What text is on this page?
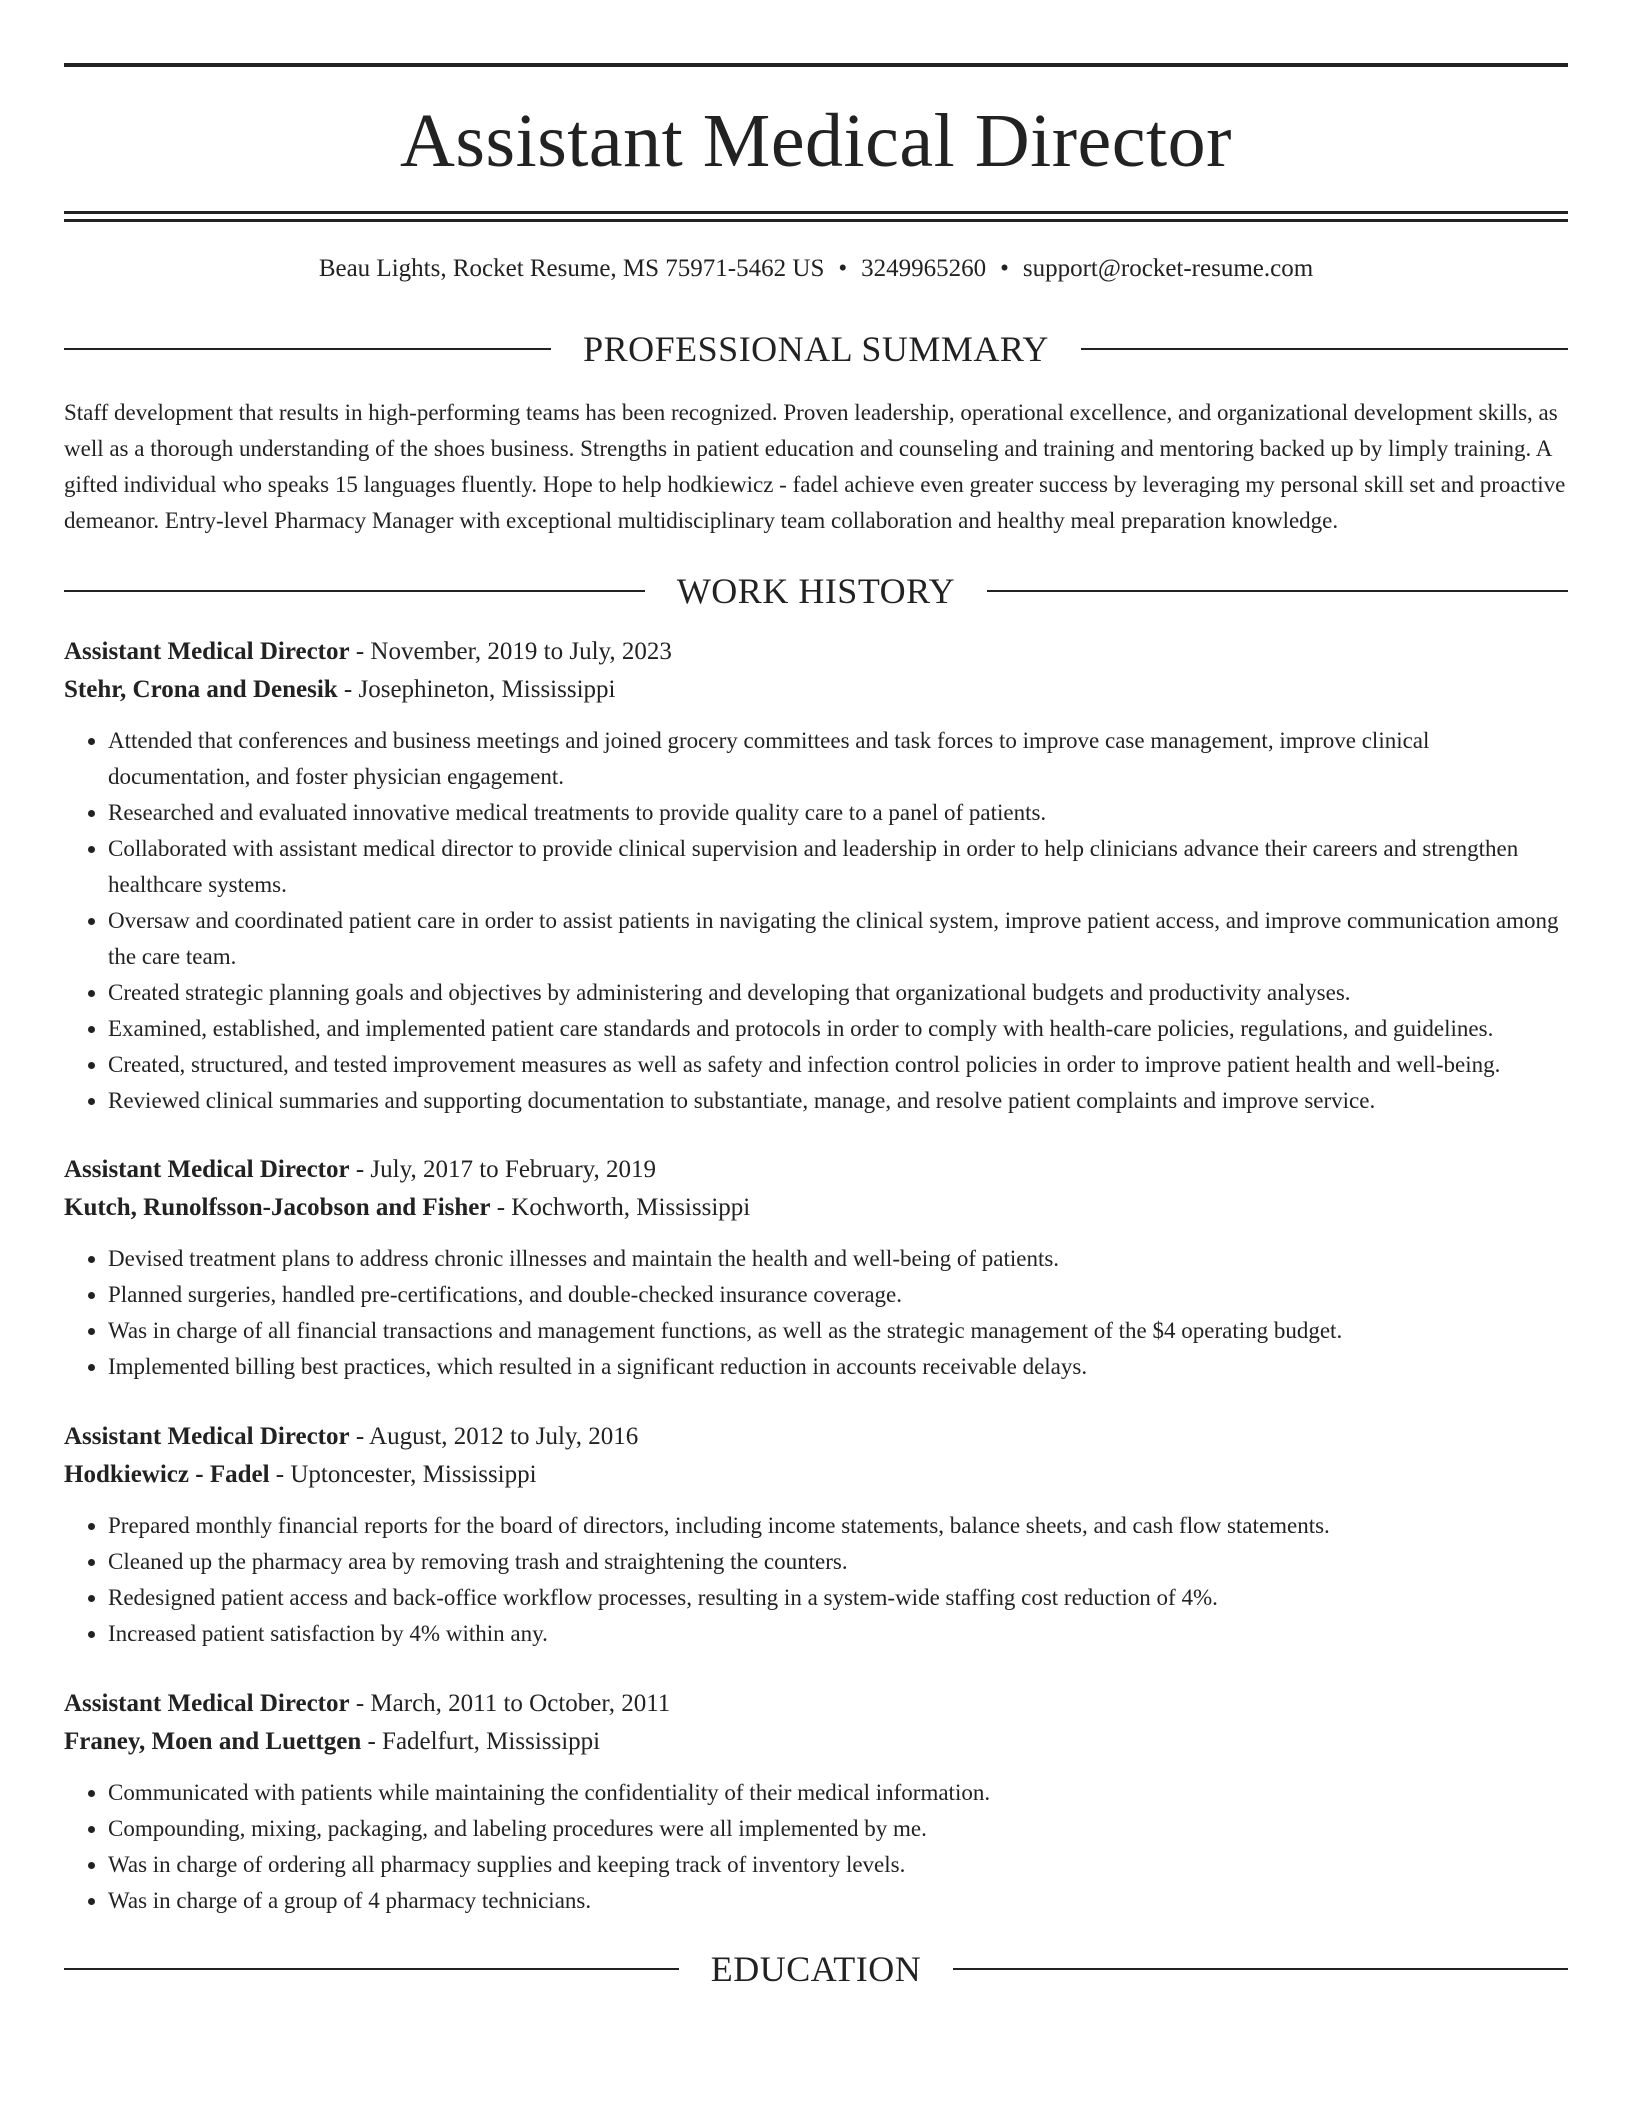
Assistant Medical Director
Beau Lights, Rocket Resume, MS 75971-5462 US • 3249965260 • support@rocket-resume.com
PROFESSIONAL SUMMARY
Staff development that results in high-performing teams has been recognized. Proven leadership, operational excellence, and organizational development skills, as well as a thorough understanding of the shoes business. Strengths in patient education and counseling and training and mentoring backed up by limply training. A gifted individual who speaks 15 languages fluently. Hope to help hodkiewicz - fadel achieve even greater success by leveraging my personal skill set and proactive demeanor. Entry-level Pharmacy Manager with exceptional multidisciplinary team collaboration and healthy meal preparation knowledge.
WORK HISTORY
Assistant Medical Director - November, 2019 to July, 2023
Stehr, Crona and Denesik - Josephineton, Mississippi
• Attended that conferences and business meetings and joined grocery committees and task forces to improve case management, improve clinical documentation, and foster physician engagement.
• Researched and evaluated innovative medical treatments to provide quality care to a panel of patients.
• Collaborated with assistant medical director to provide clinical supervision and leadership in order to help clinicians advance their careers and strengthen healthcare systems.
• Oversaw and coordinated patient care in order to assist patients in navigating the clinical system, improve patient access, and improve communication among the care team.
• Created strategic planning goals and objectives by administering and developing that organizational budgets and productivity analyses.
• Examined, established, and implemented patient care standards and protocols in order to comply with health-care policies, regulations, and guidelines.
• Created, structured, and tested improvement measures as well as safety and infection control policies in order to improve patient health and well-being.
• Reviewed clinical summaries and supporting documentation to substantiate, manage, and resolve patient complaints and improve service.
Assistant Medical Director - July, 2017 to February, 2019
Kutch, Runolfsson-Jacobson and Fisher - Kochworth, Mississippi
• Devised treatment plans to address chronic illnesses and maintain the health and well-being of patients.
• Planned surgeries, handled pre-certifications, and double-checked insurance coverage.
• Was in charge of all financial transactions and management functions, as well as the strategic management of the $4 operating budget.
• Implemented billing best practices, which resulted in a significant reduction in accounts receivable delays.
Assistant Medical Director - August, 2012 to July, 2016
Hodkiewicz - Fadel - Uptoncester, Mississippi
• Prepared monthly financial reports for the board of directors, including income statements, balance sheets, and cash flow statements.
• Cleaned up the pharmacy area by removing trash and straightening the counters.
• Redesigned patient access and back-office workflow processes, resulting in a system-wide staffing cost reduction of 4%.
• Increased patient satisfaction by 4% within any.
Assistant Medical Director - March, 2011 to October, 2011
Franey, Moen and Luettgen - Fadelfurt, Mississippi
• Communicated with patients while maintaining the confidentiality of their medical information.
• Compounding, mixing, packaging, and labeling procedures were all implemented by me.
• Was in charge of ordering all pharmacy supplies and keeping track of inventory levels.
• Was in charge of a group of 4 pharmacy technicians.
EDUCATION
